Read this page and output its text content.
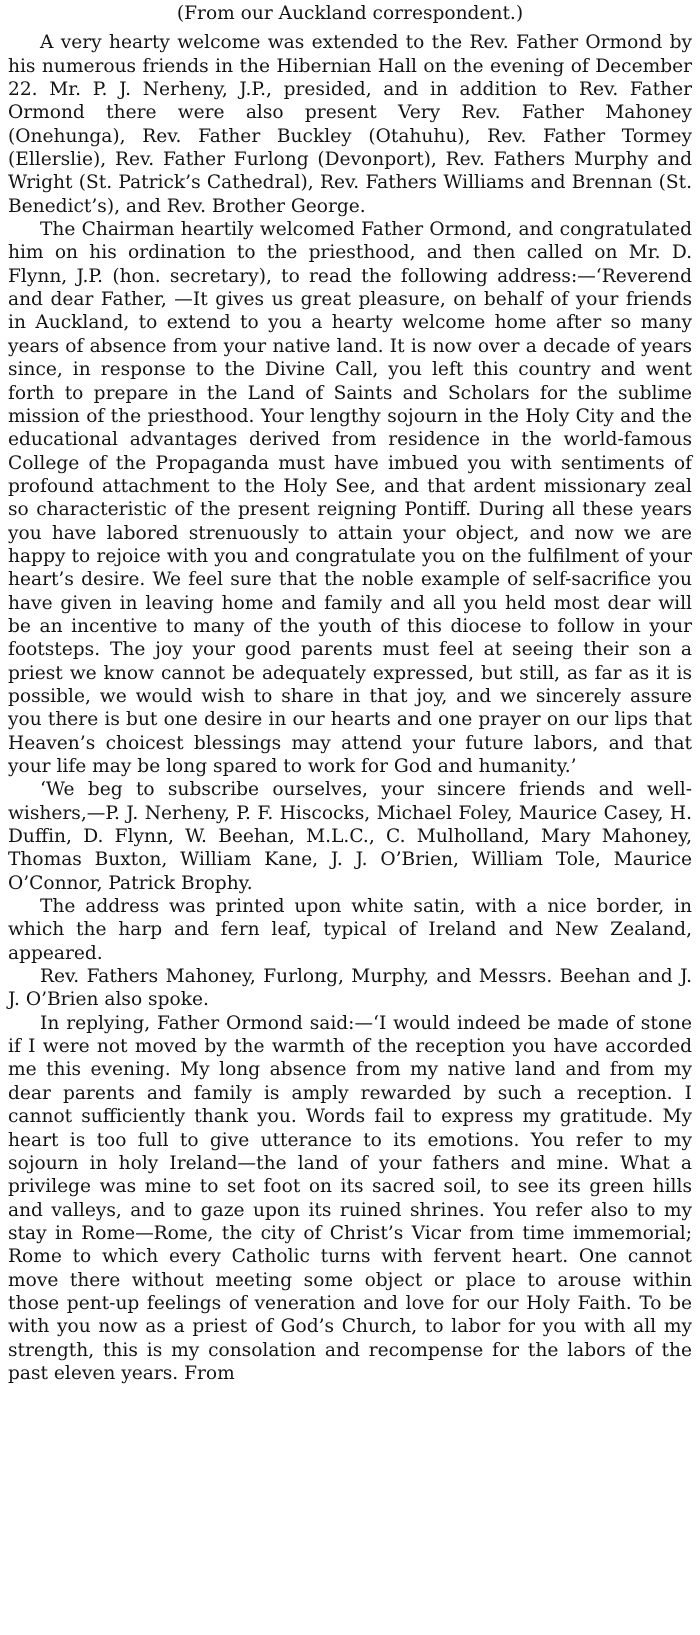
(From our Auckland correspondent.)

A very hearty welcome was extended to the Rev. Father Ormond by his numerous friends in the Hibernian Hall on the evening of December 22. Mr. P. J. Nerheny, J.P., presided, and in addition to Rev. Father Ormond there were also present Very Rev. Father Mahoney (Onehunga), Rev. Father Buckley (Otahuhu), Rev. Father Tormey (Ellerslie), Rev. Father Furlong (Devonport), Rev. Fathers Murphy and Wright (St. Patrick’s Cathedral), Rev. Fathers Williams and Brennan (St. Benedict’s), and Rev. Brother George.

The Chairman heartily welcomed Father Ormond, and congratulated him on his ordination to the priesthood, and then called on Mr. D. Flynn, J.P. (hon. secretary), to read the following address:—‘Reverend and dear Father, —It gives us great pleasure, on behalf of your friends in Auckland, to extend to you a hearty welcome home after so many years of absence from your native land. It is now over a decade of years since, in response to the Divine Call, you left this country and went forth to prepare in the Land of Saints and Scholars for the sublime mission of the priesthood. Your lengthy sojourn in the Holy City and the educational advantages derived from residence in the world-famous College of the Propaganda must have imbued you with sentiments of profound attachment to the Holy See, and that ardent missionary zeal so characteristic of the present reigning Pontiff. During all these years you have labored strenuously to attain your object, and now we are happy to rejoice with you and congratulate you on the fulfilment of your heart’s desire. We feel sure that the noble example of self-sacrifice you have given in leaving home and family and all you held most dear will be an incentive to many of the youth of this diocese to follow in your footsteps. The joy your good parents must feel at seeing their son a priest we know cannot be adequately expressed, but still, as far as it is possible, we would wish to share in that joy, and we sincerely assure you there is but one desire in our hearts and one prayer on our lips that Heaven’s choicest blessings may attend your future labors, and that your life may be long spared to work for God and humanity.’

‘We beg to subscribe ourselves, your sincere friends and well-wishers,—P. J. Nerheny, P. F. Hiscocks, Michael Foley, Maurice Casey, H. Duffin, D. Flynn, W. Beehan, M.L.C., C. Mulholland, Mary Mahoney, Thomas Buxton, William Kane, J. J. O’Brien, William Tole, Maurice O’Connor, Patrick Brophy.

The address was printed upon white satin, with a nice border, in which the harp and fern leaf, typical of Ireland and New Zealand, appeared.

Rev. Fathers Mahoney, Furlong, Murphy, and Messrs. Beehan and J. J. O’Brien also spoke.

In replying, Father Ormond said:—‘I would indeed be made of stone if I were not moved by the warmth of the reception you have accorded me this evening. My long absence from my native land and from my dear parents and family is amply rewarded by such a reception. I cannot sufficiently thank you. Words fail to express my gratitude. My heart is too full to give utterance to its emotions. You refer to my sojourn in holy Ireland—the land of your fathers and mine. What a privilege was mine to set foot on its sacred soil, to see its green hills and valleys, and to gaze upon its ruined shrines. You refer also to my stay in Rome—Rome, the city of Christ’s Vicar from time immemorial; Rome to which every Catholic turns with fervent heart. One cannot move there without meeting some object or place to arouse within those pent-up feelings of veneration and love for our Holy Faith. To be with you now as a priest of God’s Church, to labor for you with all my strength, this is my consolation and recompense for the labors of the past eleven years. From
